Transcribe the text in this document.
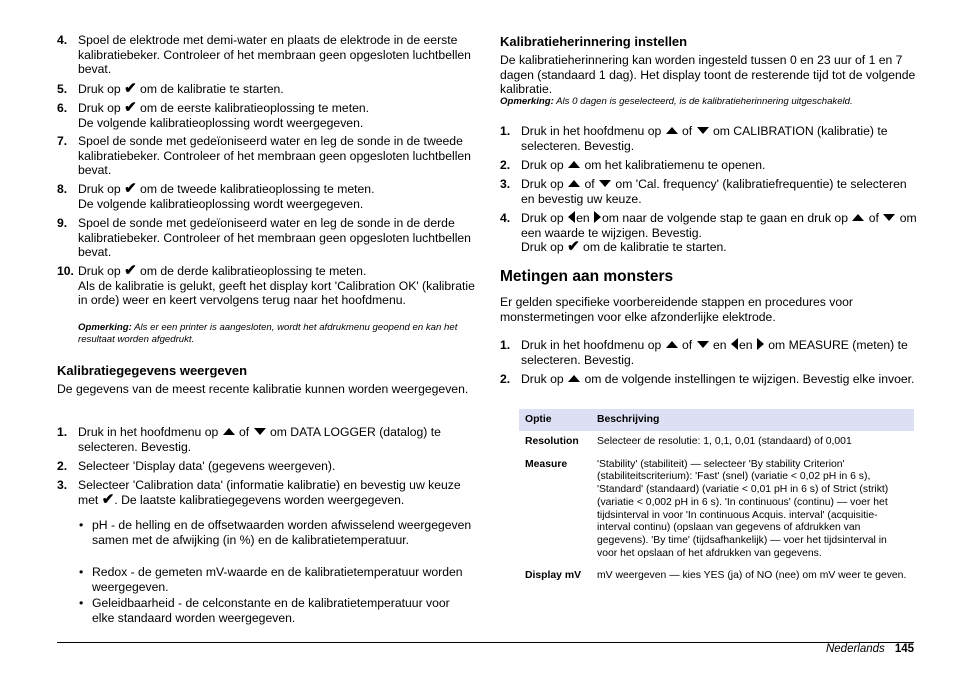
4. Spoel de elektrode met demi-water en plaats de elektrode in de eerste kalibratiebeker. Controleer of het membraan geen opgesloten luchtbellen bevat.
5. Druk op ✔ om de kalibratie te starten.
6. Druk op ✔ om de eerste kalibratieoplossing te meten.
De volgende kalibratieoplossing wordt weergegeven.
7. Spoel de sonde met gedeïoniseerd water en leg de sonde in de tweede kalibratiebeker. Controleer of het membraan geen opgesloten luchtbellen bevat.
8. Druk op ✔ om de tweede kalibratieoplossing te meten.
De volgende kalibratieoplossing wordt weergegeven.
9. Spoel de sonde met gedeïoniseerd water en leg de sonde in de derde kalibratiebeker. Controleer of het membraan geen opgesloten luchtbellen bevat.
10. Druk op ✔ om de derde kalibratieoplossing te meten.
Als de kalibratie is gelukt, geeft het display kort 'Calibration OK' (kalibratie in orde) weer en keert vervolgens terug naar het hoofdmenu.
Opmerking: Als er een printer is aangesloten, wordt het afdrukmenu geopend en kan het resultaat worden afgedrukt.
Kalibratiegegevens weergeven
De gegevens van de meest recente kalibratie kunnen worden weergegeven.
1. Druk in het hoofdmenu op of om DATA LOGGER (datalog) te selecteren. Bevestig.
2. Selecteer 'Display data' (gegevens weergeven).
3. Selecteer 'Calibration data' (informatie kalibratie) en bevestig uw keuze met ✔. De laatste kalibratiegegevens worden weergegeven.
• pH - de helling en de offsetwaarden worden afwisselend weergegeven samen met de afwijking (in %) en de kalibratietemperatuur.
• Redox - de gemeten mV-waarde en de kalibratietemperatuur worden weergegeven.
• Geleidbaarheid - de celconstante en de kalibratietemperatuur voor elke standaard worden weergegeven.
Kalibratieherinnering instellen
De kalibratieherinnering kan worden ingesteld tussen 0 en 23 uur of 1 en 7 dagen (standaard 1 dag). Het display toont de resterende tijd tot de volgende kalibratie.
Opmerking: Als 0 dagen is geselecteerd, is de kalibratieherinnering uitgeschakeld.
1. Druk in het hoofdmenu op of om CALIBRATION (kalibratie) te selecteren. Bevestig.
2. Druk op om het kalibratiemenu te openen.
3. Druk op of om 'Cal. frequency' (kalibratiefrequentie) te selecteren en bevestig uw keuze.
4. Druk op en om naar de volgende stap te gaan en druk op of om een waarde te wijzigen. Bevestig.
Druk op ✔ om de kalibratie te starten.
Metingen aan monsters
Er gelden specifieke voorbereidende stappen en procedures voor monstermetingen voor elke afzonderlijke elektrode.
1. Druk in het hoofdmenu op of en en om MEASURE (meten) te selecteren. Bevestig.
2. Druk op om de volgende instellingen te wijzigen. Bevestig elke invoer.
Optie	Beschrijving
Resolution	Selecteer de resolutie: 1, 0,1, 0,01 (standaard) of 0,001
Measure	'Stability' (stabiliteit) — selecteer 'By stability Criterion' (stabiliteitscriterium): 'Fast' (snel) (variatie < 0,02 pH in 6 s), 'Standard' (standaard) (variatie < 0,01 pH in 6 s) of Strict (strikt) (variatie < 0,002 pH in 6 s). 'In continuous' (continu) — voer het tijdsinterval in voor 'In continuous Acquis. interval' (acquisitie-interval continu) (opslaan van gegevens of afdrukken van gegevens). 'By time' (tijdsafhankelijk) — voer het tijdsinterval in voor het opslaan of het afdrukken van gegevens.
Display mV	mV weergeven — kies YES (ja) of NO (nee) om mV weer te geven.
Nederlands 145
